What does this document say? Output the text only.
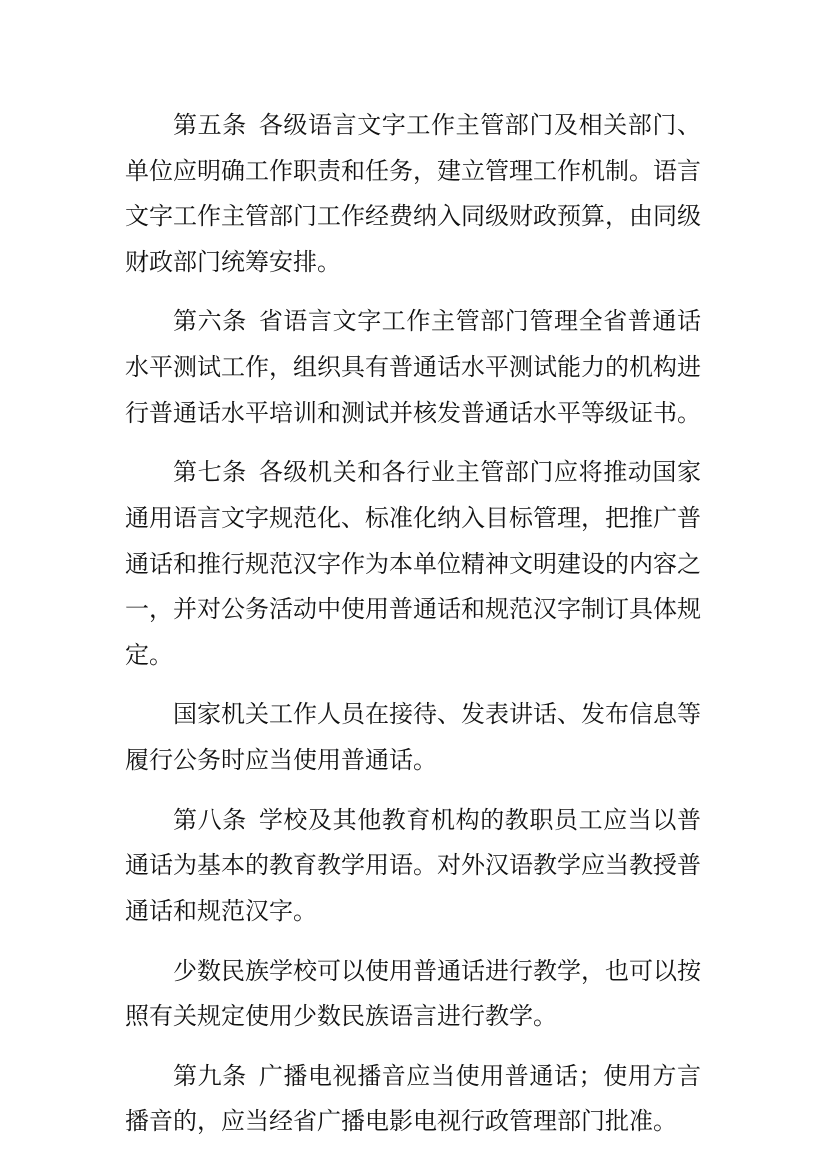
第五条 各级语言文字工作主管部门及相关部门、单位应明确工作职责和任务，建立管理工作机制。语言文字工作主管部门工作经费纳入同级财政预算，由同级财政部门统筹安排。

第六条 省语言文字工作主管部门管理全省普通话水平测试工作，组织具有普通话水平测试能力的机构进行普通话水平培训和测试并核发普通话水平等级证书。

第七条 各级机关和各行业主管部门应将推动国家通用语言文字规范化、标准化纳入目标管理，把推广普通话和推行规范汉字作为本单位精神文明建设的内容之一，并对公务活动中使用普通话和规范汉字制订具体规定。

国家机关工作人员在接待、发表讲话、发布信息等履行公务时应当使用普通话。

第八条 学校及其他教育机构的教职员工应当以普通话为基本的教育教学用语。对外汉语教学应当教授普通话和规范汉字。

少数民族学校可以使用普通话进行教学，也可以按照有关规定使用少数民族语言进行教学。

第九条 广播电视播音应当使用普通话；使用方言播音的，应当经省广播电影电视行政管理部门批准。
